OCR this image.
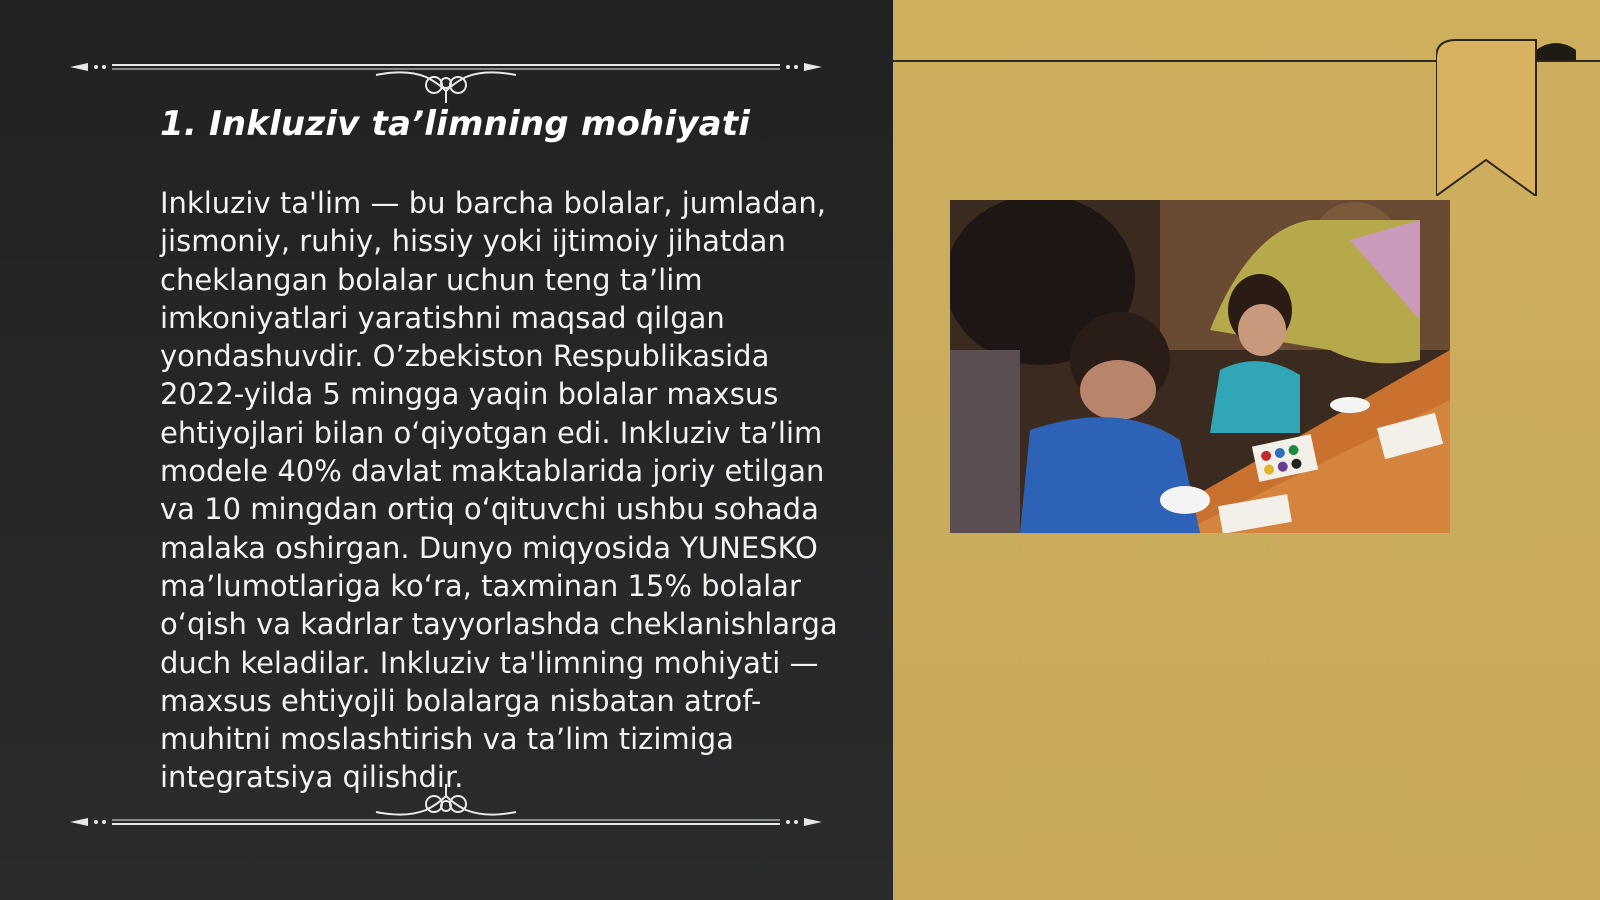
1. Inkluziv ta’limning mohiyati

Inkluziv ta'lim — bu barcha bolalar, jumladan, jismoniy, ruhiy, hissiy yoki ijtimoiy jihatdan cheklangan bolalar uchun teng ta’lim imkoniyatlari yaratishni maqsad qilgan yondashuvdir. O’zbekiston Respublikasida 2022-yilda 5 mingga yaqin bolalar maxsus ehtiyojlari bilan o‘qiyotgan edi. Inkluziv ta’lim modele 40% davlat maktablarida joriy etilgan va 10 mingdan ortiq o‘qituvchi ushbu sohada malaka oshirgan. Dunyo miqyosida YUNESKO ma’lumotlariga ko‘ra, taxminan 15% bolalar o‘qish va kadrlar tayyorlashda cheklanishlarga duch keladilar. Inkluziv ta'limning mohiyati — maxsus ehtiyojli bolalarga nisbatan atrof-muhitni moslashtirish va ta’lim tizimiga integratsiya qilishdir.
